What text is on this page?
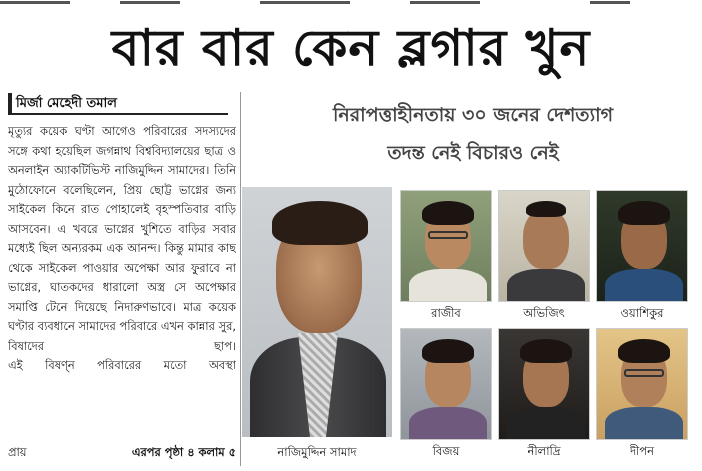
বার বার কেন ব্লগার খুন
মির্জা মেহেদী তমাল

মৃত্যুর কয়েক ঘণ্টা আগেও পরিবারের সদস্যদের সঙ্গে কথা হয়েছিল জগন্নাথ বিশ্ববিদ্যালয়ের ছাত্র ও অনলাইন অ্যাকটিভিস্ট নাজিমুদ্দিন সামাদের। তিনি মুঠোফোনে বলেছিলেন, প্রিয় ছোট্ট ভাগ্নের জন্য সাইকেল কিনে রাত পোহালেই বৃহস্পতিবার বাড়ি আসবেন। এ খবরে ভাগ্নের খুশিতে বাড়ির সবার মধ্যেই ছিল অন্যরকম এক আনন্দ। কিন্তু মামার কাছ থেকে সাইকেল পাওয়ার অপেক্ষা আর ফুরাবে না ভাগ্নের, ঘাতকদের ধারালো অস্ত্র সে অপেক্ষার সমাপ্তি টেনে দিয়েছে নিদারুণভাবে। মাত্র কয়েক ঘণ্টার ব্যবধানে সামাদের পরিবারে এখন কান্নার সুর, বিষাদের ছাপ।

এই বিষণ্ন পরিবারের মতো অবস্থা

প্রায়	এরপর পৃষ্ঠা ৪ কলাম ৫
নিরাপত্তাহীনতায় ৩০ জনের দেশত্যাগ
তদন্ত নেই বিচারও নেই
নাজিমুদ্দিন সামাদ
রাজীব	অভিজিৎ	ওয়াশিকুর
বিজয়	নীলাদ্রি	দীপন
